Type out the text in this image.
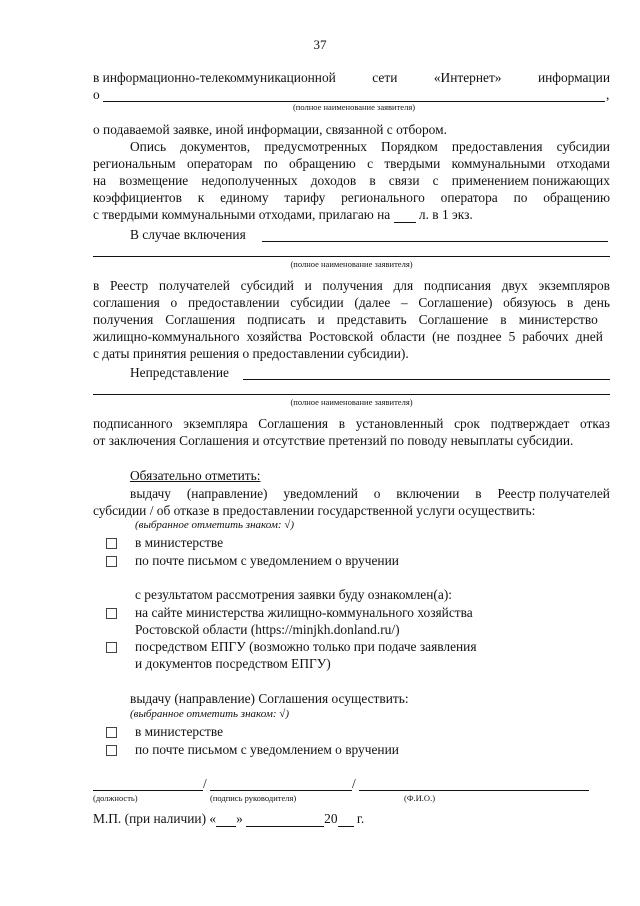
37
в информационно-телекоммуникационной	сети	«Интернет»	информации
о	,
(полное наименование заявителя)
о подаваемой заявке, иной информации, связанной с отбором.
Опись документов, предусмотренных Порядком предоставления субсидии
региональным операторам по обращению с твердыми коммунальными отходами
на возмещение недополученных доходов в связи с применением понижающих
коэффициентов к единому тарифу регионального оператора по обращению
с твердыми коммунальными отходами, прилагаю на  л. в 1 экз.
В случае включения
(полное наименование заявителя)
в Реестр получателей субсидий и получения для подписания двух экземпляров
соглашения о предоставлении субсидии (далее – Соглашение) обязуюсь в день
получения Соглашения подписать и представить Соглашение в министерство
жилищно-коммунального хозяйства Ростовской области (не позднее 5 рабочих дней
с даты принятия решения о предоставлении субсидии).
Непредставление
(полное наименование заявителя)
подписанного экземпляра Соглашения в установленный срок подтверждает отказ
от заключения Соглашения и отсутствие претензий по поводу невыплаты субсидии.
Обязательно отметить:
выдачу (направление) уведомлений о включении в Реестр получателей
субсидии / об отказе в предоставлении государственной услуги осуществить:
(выбранное отметить знаком: √)
в министерстве
по почте письмом с уведомлением о вручении
с результатом рассмотрения заявки буду ознакомлен(а):
на сайте министерства жилищно-коммунального хозяйства
Ростовской области (https://minjkh.donland.ru/)
посредством ЕПГУ (возможно только при подаче заявления
и документов посредством ЕПГУ)
выдачу (направление) Соглашения осуществить:
(выбранное отметить знаком: √)
в министерстве
по почте письмом с уведомлением о вручении
/	/
(должность)	(подпись руководителя)	(Ф.И.О.)
М.П. (при наличии) « »	20 г.
